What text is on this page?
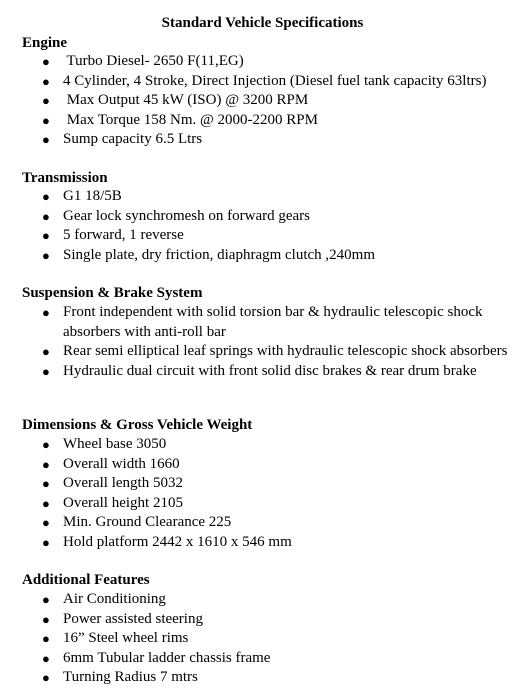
Standard Vehicle Specifications
Engine
● Turbo Diesel- 2650 F(11,EG)
● 4 Cylinder, 4 Stroke, Direct Injection (Diesel fuel tank capacity 63ltrs)
● Max Output 45 kW (ISO) @ 3200 RPM
● Max Torque 158 Nm. @ 2000-2200 RPM
● Sump capacity 6.5 Ltrs
Transmission
● G1 18/5B
● Gear lock synchromesh on forward gears
● 5 forward, 1 reverse
● Single plate, dry friction, diaphragm clutch ,240mm
Suspension & Brake System
● Front independent with solid torsion bar & hydraulic telescopic shock absorbers with anti-roll bar
● Rear semi elliptical leaf springs with hydraulic telescopic shock absorbers
● Hydraulic dual circuit with front solid disc brakes & rear drum brake
Dimensions & Gross Vehicle Weight
● Wheel base 3050
● Overall width 1660
● Overall length 5032
● Overall height 2105
● Min. Ground Clearance 225
● Hold platform 2442 x 1610 x 546 mm
Additional Features
● Air Conditioning
● Power assisted steering
● 16” Steel wheel rims
● 6mm Tubular ladder chassis frame
● Turning Radius 7 mtrs
